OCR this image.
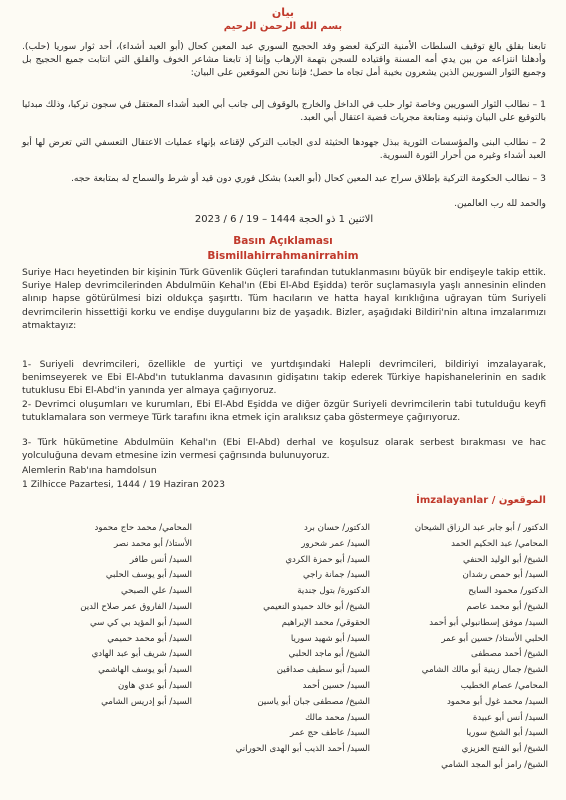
بيان
بسم الله الرحمن الرحيم
تابعنا بقلق بالغ توقيف السلطات الأمنية التركية لعضو وفد الحجيج السوري عبد المعين كحال (أبو العبد أشداء)، أحد ثوار سوريا (حلب). وأدهلنا انتزاعه من بين يدي أمه المسنة واقتياده للسجن بتهمة الإرهاب وإننا إذ تابعنا مشاعر الخوف والقلق التي انتابت جميع الحجيج بل وجميع الثوار السوريين الذين يشعرون بخيبة أمل تجاه ما حصل؛ فإننا نحن الموقعين على البيان:
1 – نطالب الثوار السوريين وخاصة ثوار حلب في الداخل والخارج بالوقوف إلى جانب أبي العبد أشداء المعتقل في سجون تركيا، وذلك مبدئيا بالتوقيع على البيان وتبنيه ومتابعة مجريات قضية اعتقال أبي العبد.
2 – نطالب البنى والمؤسسات الثورية ببذل جهودها الحثيثة لدى الجانب التركي لإقناعه بإنهاء عمليات الاعتقال التعسفي التي تعرض لها أبو العبد أشداء وغيره من أحرار الثورة السورية.
3 – نطالب الحكومة التركية بإطلاق سراح عبد المعين كحال (أبو العبد) بشكل فوري دون قيد أو شرط والسماح له بمتابعة حجه.
والحمد لله رب العالمين.
الاثنين 1 ذو الحجة 1444 – 19 / 6 / 2023
Basın Açıklaması
Bismillahirrahmanirrahim
Suriye Hacı heyetinden bir kişinin Türk Güvenlik Güçleri tarafından tutuklanmasını büyük bir endişeyle takip ettik. Suriye Halep devrimcilerinden Abdulmüin Kehal'ın (Ebi El-Abd Eşidda) terör suçlamasıyla yaşlı annesinin elinden alınıp hapse götürülmesi bizi oldukça şaşırttı. Tüm hacıların ve hatta hayal kırıklığına uğrayan tüm Suriyeli devrimcilerin hissettiği korku ve endişe duygularını biz de yaşadık. Bizler, aşağıdaki Bildiri'nin altına imzalarımızı atmaktayız:
1- Suriyeli devrimcileri, özellikle de yurtiçi ve yurtdışındaki Halepli devrimcileri, bildiriyi imzalayarak, benimseyerek ve Ebi El-Abd'ın tutuklanma davasının gidişatını takip ederek Türkiye hapishanelerinin en sadık tutuklusu Ebi El-Abd'in yanında yer almaya çağırıyoruz.
2- Devrimci oluşumları ve kurumları, Ebi El-Abd Eşidda ve diğer özgür Suriyeli devrimcilerin tabi tutulduğu keyfi tutuklamalara son vermeye Türk tarafını ikna etmek için aralıksız çaba göstermeye çağırıyoruz.
3- Türk hükümetine Abdulmüin Kehal'ın (Ebi El-Abd) derhal ve koşulsuz olarak serbest bırakması ve hac yolculuğuna devam etmesine izin vermesi çağrısında bulunuyoruz.
Alemlerin Rab'ına hamdolsun
1 Zilhicce Pazartesi, 1444 / 19 Haziran 2023
الموقعون / İmzalayanlar
الدكتور / أبو جابر عبد الرزاق الشيحان
المحامي/ عبد الحكيم الحمد
الشيخ/ أبو الوليد الحنفي
السيد/ أبو حمص رشدان
الدكتور/ محمود السايح
الشيخ/ أبو محمد عاصم
السيد/ موفق إسطانبولي أبو أحمد
الحلبي الأستاذ/ حسين أبو عمر
الشيخ/ أحمد مصطفى
الشيخ/ جمال زينية أبو مالك الشامي
المحامي/ عصام الخطيب
السيد/ محمد غول أبو محمود
السيد/ أنس أبو عبيدة
السيد/ أبو الشيخ سوريا
الشيخ/ أبو الفتح العزيزي
الشيخ/ رامز أبو المجد الشامي
الدكتور/ حسان برد
السيد/ عمر شحرور
السيد/ أبو حمزة الكردي
السيد/ جمانة راجي
الدكتورة/ بتول جندية
الشيخ/ أبو خالد حميدو النعيمي
الحقوقي/ محمد الإبراهيم
السيد/ أبو شهيد سوريا
الشيخ/ أبو ماجد الحلبي
السيد/ أبو سطيف صداقين
السيد/ حسين أحمد
الشيخ/ مصطفى جبان أبو ياسين
السيد/ محمد مالك
السيد/ عاطف حج عمر
السيد/ أحمد الذيب أبو الهدى الحوراني
المحامي/ محمد حاج محمود
الأستاذ/ أبو محمد نصر
السيد/ أنس طافر
السيد/ أبو يوسف الحلبي
السيد/ علي الصبحي
السيد/ الفاروق عمر صلاح الدين
السيد/ أبو المؤيد بي كي سي
السيد/ أبو محمد حميمي
السيد/ شريف أبو عبد الهادي
السيد/ أبو يوسف الهاشمي
السيد/ أبو عدي هاون
السيد/ أبو إدريس الشامي
